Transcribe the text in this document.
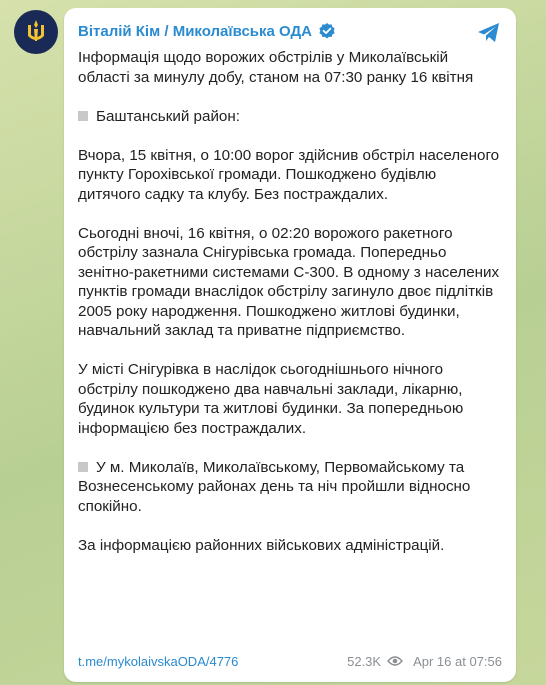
Віталій Кім / Миколаївська ОДА

Інформація щодо ворожих обстрілів у Миколаївській області за минулу добу, станом на 07:30 ранку 16 квітня

Баштанський район:

Вчора, 15 квітня, о 10:00 ворог здійснив обстріл населеного пункту Горохівської громади. Пошкоджено будівлю дитячого садку та клубу. Без постраждалих.

Сьогодні вночі, 16 квітня, о 02:20 ворожого ракетного обстрілу зазнала Снігурівська громада. Попередньо зенітно-ракетними системами С-300. В одному з населених пунктів громади внаслідок обстрілу загинуло двоє підлітків 2005 року народження. Пошкоджено житлові будинки, навчальний заклад та приватне підприємство.

У місті Снігурівка в наслідок сьогоднішнього нічного обстрілу пошкоджено два навчальні заклади, лікарню, будинок культури та житлові будинки. За попередньою інформацією без постраждалих.

У м. Миколаїв, Миколаївському, Первомайському та Вознесенському районах день та ніч пройшли відносно спокійно.

За інформацією районних військових адміністрацій.

t.me/mykolaivskaODA/4776	52.3K Apr 16 at 07:56
